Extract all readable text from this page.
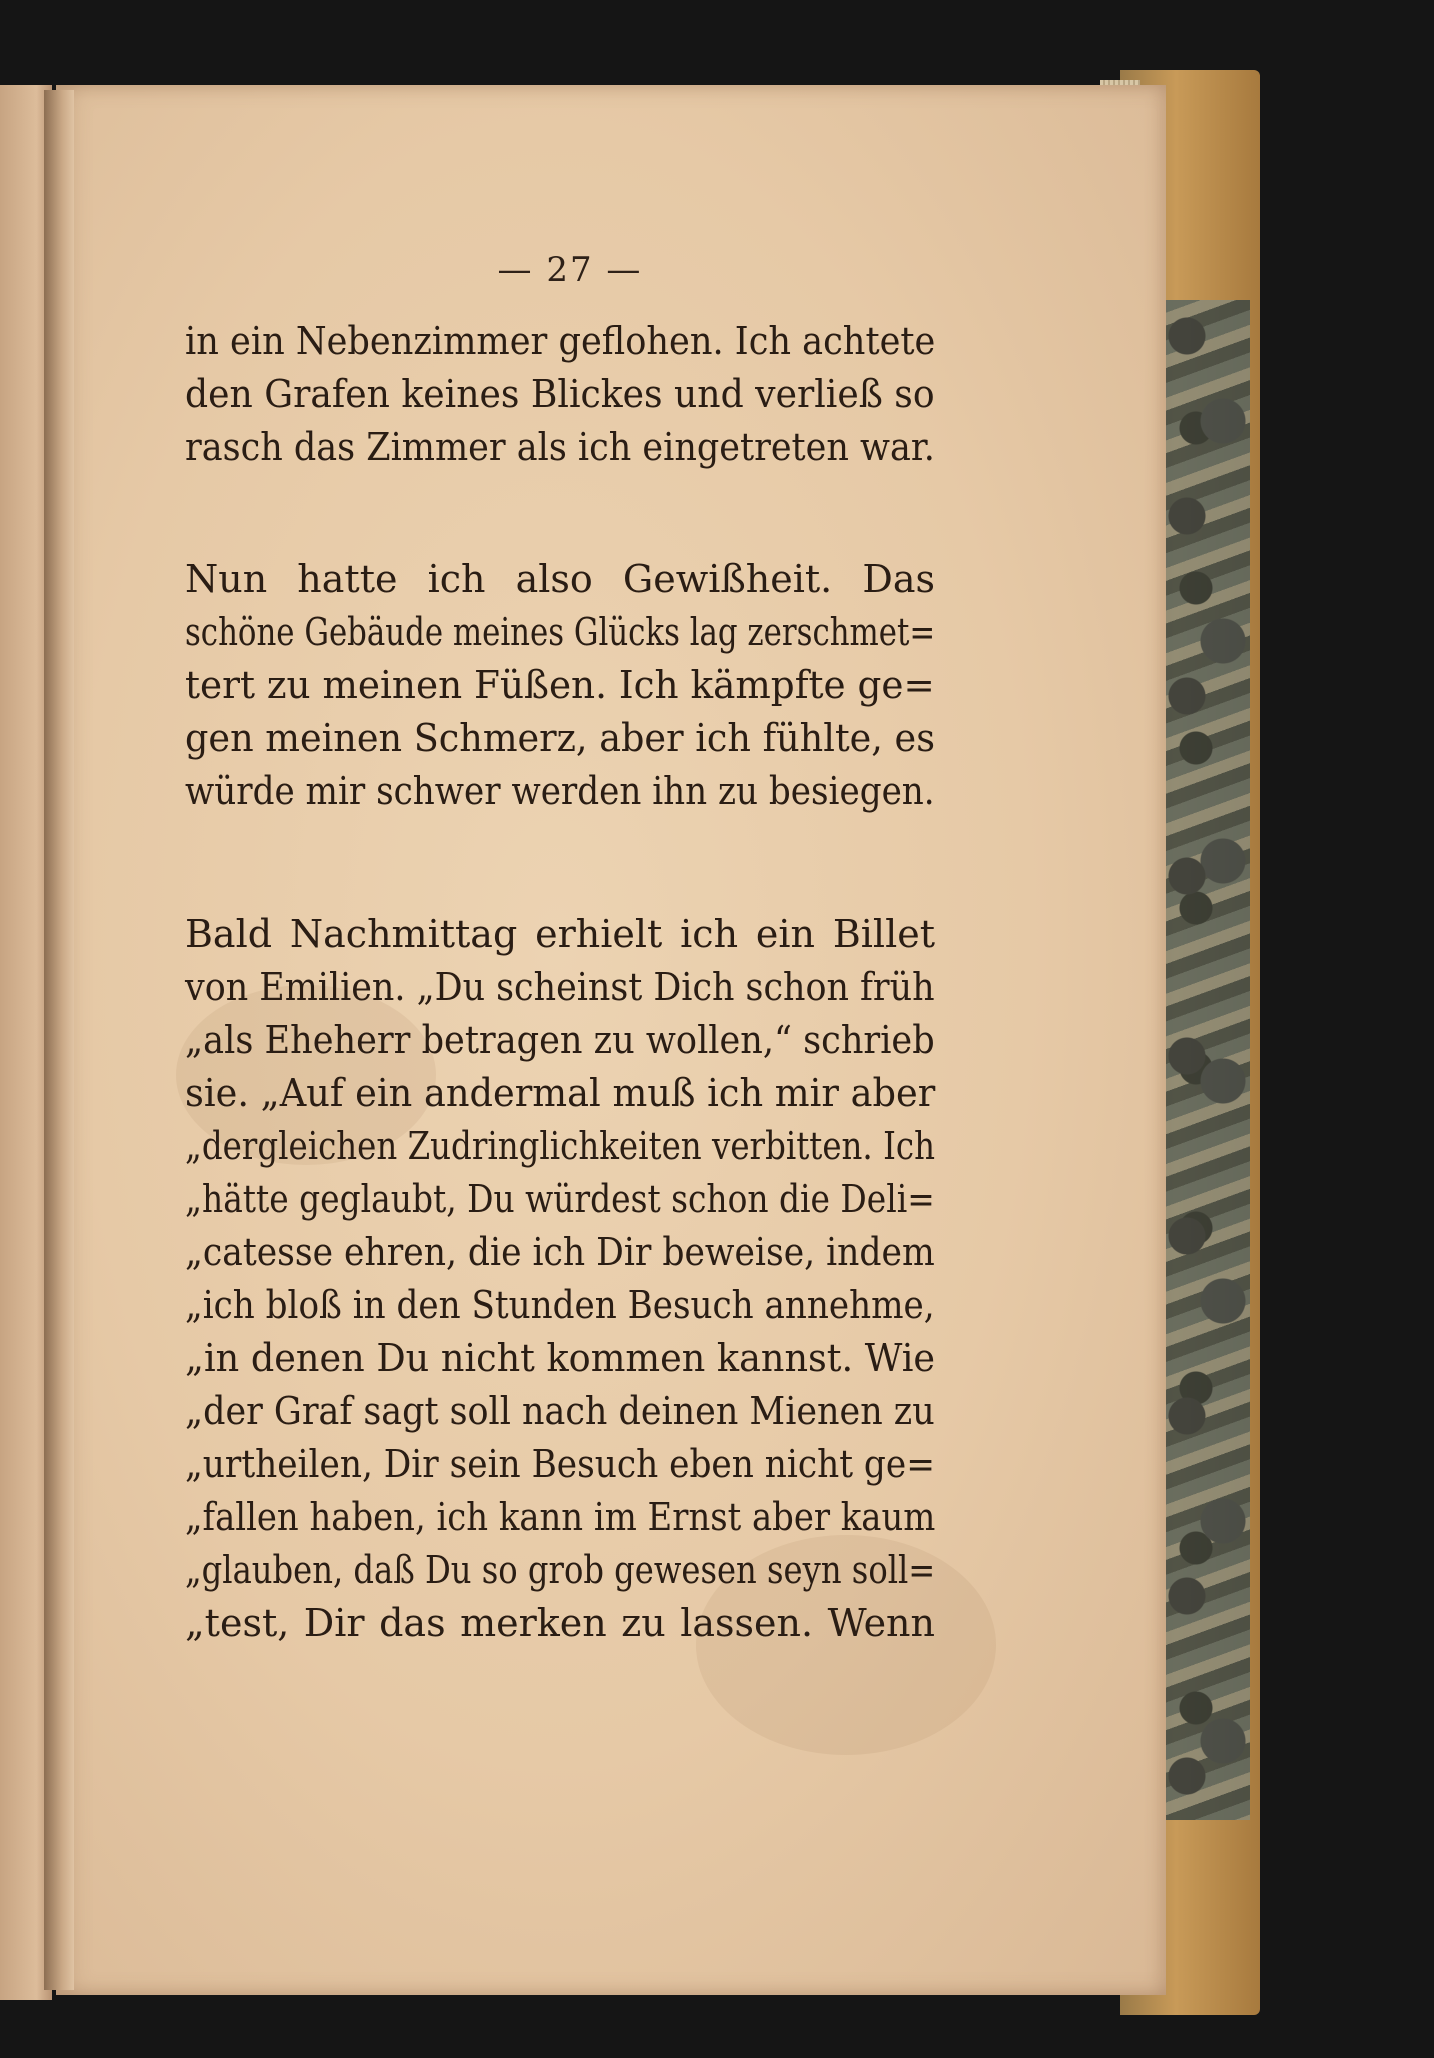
— 27 —

in ein Nebenzimmer geflohen. Ich achtete

den Grafen keines Blickes und verließ so

rasch das Zimmer als ich eingetreten war.

Nun hatte ich also Gewißheit. Das

schöne Gebäude meines Glücks lag zerschmet=

tert zu meinen Füßen. Ich kämpfte ge=

gen meinen Schmerz, aber ich fühlte, es

würde mir schwer werden ihn zu besiegen.

Bald Nachmittag erhielt ich ein Billet

von Emilien. „Du scheinst Dich schon früh

„als Eheherr betragen zu wollen,“ schrieb

sie. „Auf ein andermal muß ich mir aber

„dergleichen Zudringlichkeiten verbitten. Ich

„hätte geglaubt, Du würdest schon die Deli=

„catesse ehren, die ich Dir beweise, indem

„ich bloß in den Stunden Besuch annehme,

„in denen Du nicht kommen kannst. Wie

„der Graf sagt soll nach deinen Mienen zu

„urtheilen, Dir sein Besuch eben nicht ge=

„fallen haben, ich kann im Ernst aber kaum

„glauben, daß Du so grob gewesen seyn soll=

„test, Dir das merken zu lassen. Wenn
